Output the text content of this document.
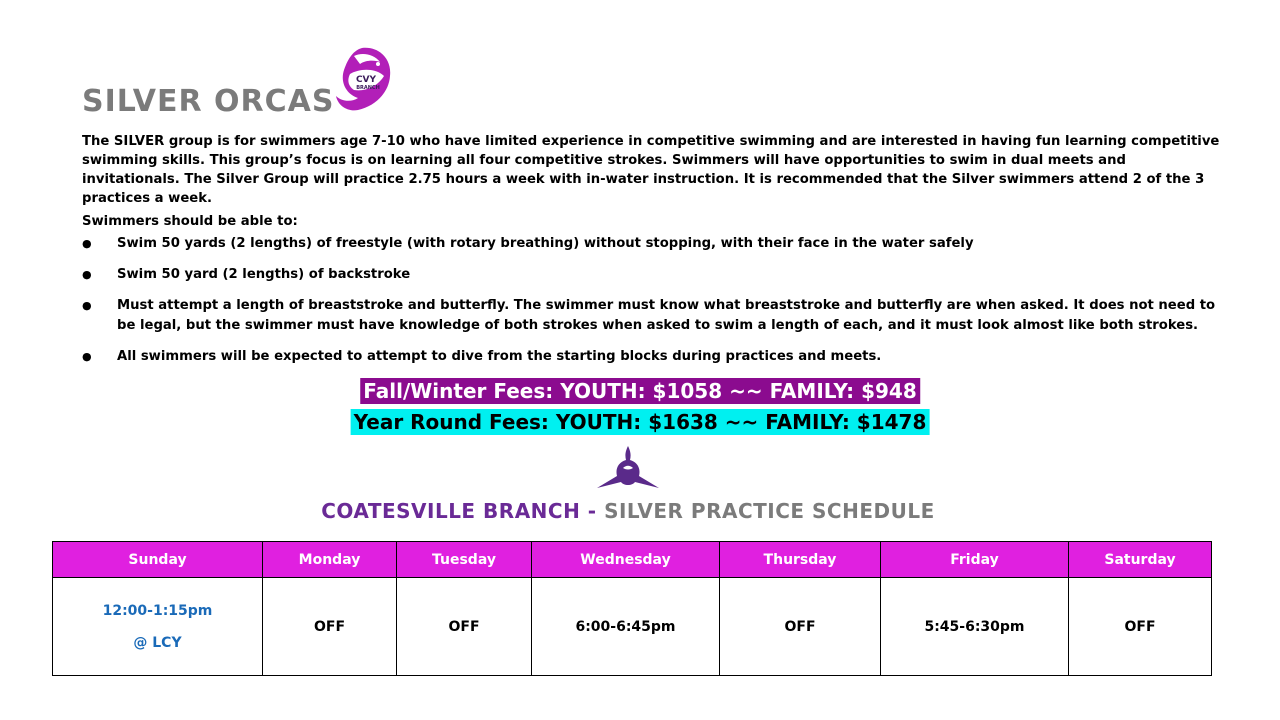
SILVER ORCAS
CVY
BRANCH

The SILVER group is for swimmers age 7-10 who have limited experience in competitive swimming and are interested in having fun learning competitive swimming skills. This group’s focus is on learning all four competitive strokes. Swimmers will have opportunities to swim in dual meets and invitationals. The Silver Group will practice 2.75 hours a week with in-water instruction. It is recommended that the Silver swimmers attend 2 of the 3 practices a week.

Swimmers should be able to:

● Swim 50 yards (2 lengths) of freestyle (with rotary breathing) without stopping, with their face in the water safely
● Swim 50 yard (2 lengths) of backstroke
● Must attempt a length of breaststroke and butterfly. The swimmer must know what breaststroke and butterfly are when asked. It does not need to be legal, but the swimmer must have knowledge of both strokes when asked to swim a length of each, and it must look almost like both strokes.
● All swimmers will be expected to attempt to dive from the starting blocks during practices and meets.
Fall/Winter Fees: YOUTH: $1058 ~~ FAMILY: $948
Year Round Fees: YOUTH: $1638 ~~ FAMILY: $1478
COATESVILLE BRANCH - SILVER PRACTICE SCHEDULE
Sunday	Monday	Tuesday	Wednesday	Thursday	Friday	Saturday

12:00-1:15pm
@ LCY	OFF	OFF	6:00-6:45pm	OFF	5:45-6:30pm	OFF
